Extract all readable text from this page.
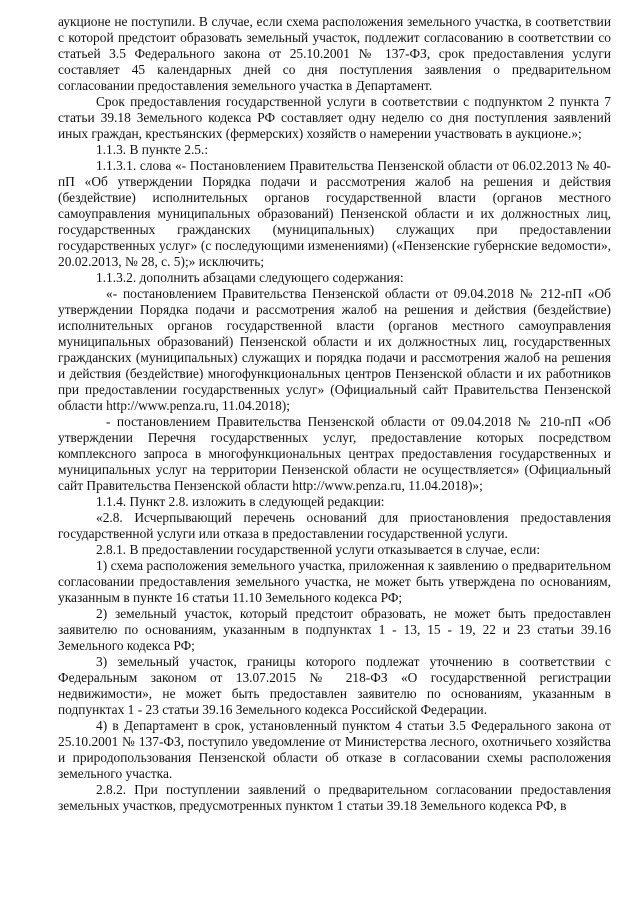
аукционе не поступили. В случае, если схема расположения земельного участка, в соответствии с которой предстоит образовать земельный участок, подлежит согласованию в соответствии со статьей 3.5 Федерального закона от 25.10.2001 № 137-ФЗ, срок предоставления услуги составляет 45 календарных дней со дня поступления заявления о предварительном согласовании предоставления земельного участка в Департамент.

Срок предоставления государственной услуги в соответствии с подпунктом 2 пункта 7 статьи 39.18 Земельного кодекса РФ составляет одну неделю со дня поступления заявлений иных граждан, крестьянских (фермерских) хозяйств о намерении участвовать в аукционе.»;

1.1.3. В пункте 2.5.:

1.1.3.1. слова «- Постановлением Правительства Пензенской области от 06.02.2013 № 40-пП «Об утверждении Порядка подачи и рассмотрения жалоб на решения и действия (бездействие) исполнительных органов государственной власти (органов местного самоуправления муниципальных образований) Пензенской области и их должностных лиц, государственных гражданских (муниципальных) служащих при предоставлении государственных услуг» (с последующими изменениями) («Пензенские губернские ведомости», 20.02.2013, № 28, с. 5);» исключить;

1.1.3.2. дополнить абзацами следующего содержания:

«- постановлением Правительства Пензенской области от 09.04.2018 № 212-пП «Об утверждении Порядка подачи и рассмотрения жалоб на решения и действия (бездействие) исполнительных органов государственной власти (органов местного самоуправления муниципальных образований) Пензенской области и их должностных лиц, государственных гражданских (муниципальных) служащих и порядка подачи и рассмотрения жалоб на решения и действия (бездействие) многофункциональных центров Пензенской области и их работников при предоставлении государственных услуг» (Официальный сайт Правительства Пензенской области http://www.penza.ru, 11.04.2018);

- постановлением Правительства Пензенской области от 09.04.2018 № 210-пП «Об утверждении Перечня государственных услуг, предоставление которых посредством комплексного запроса в многофункциональных центрах предоставления государственных и муниципальных услуг на территории Пензенской области не осуществляется» (Официальный сайт Правительства Пензенской области http://www.penza.ru, 11.04.2018)»;

1.1.4. Пункт 2.8. изложить в следующей редакции:

«2.8. Исчерпывающий перечень оснований для приостановления предоставления государственной услуги или отказа в предоставлении государственной услуги.

2.8.1. В предоставлении государственной услуги отказывается в случае, если:

1) схема расположения земельного участка, приложенная к заявлению о предварительном согласовании предоставления земельного участка, не может быть утверждена по основаниям, указанным в пункте 16 статьи 11.10 Земельного кодекса РФ;

2) земельный участок, который предстоит образовать, не может быть предоставлен заявителю по основаниям, указанным в подпунктах 1 - 13, 15 - 19, 22 и 23 статьи 39.16 Земельного кодекса РФ;

3) земельный участок, границы которого подлежат уточнению в соответствии с Федеральным законом от 13.07.2015 № 218-ФЗ «О государственной регистрации недвижимости», не может быть предоставлен заявителю по основаниям, указанным в подпунктах 1 - 23 статьи 39.16 Земельного кодекса Российской Федерации.

4) в Департамент в срок, установленный пунктом 4 статьи 3.5 Федерального закона от 25.10.2001 № 137-ФЗ, поступило уведомление от Министерства лесного, охотничьего хозяйства и природопользования Пензенской области об отказе в согласовании схемы расположения земельного участка.

2.8.2. При поступлении заявлений о предварительном согласовании предоставления земельных участков, предусмотренных пунктом 1 статьи 39.18 Земельного кодекса РФ, в
